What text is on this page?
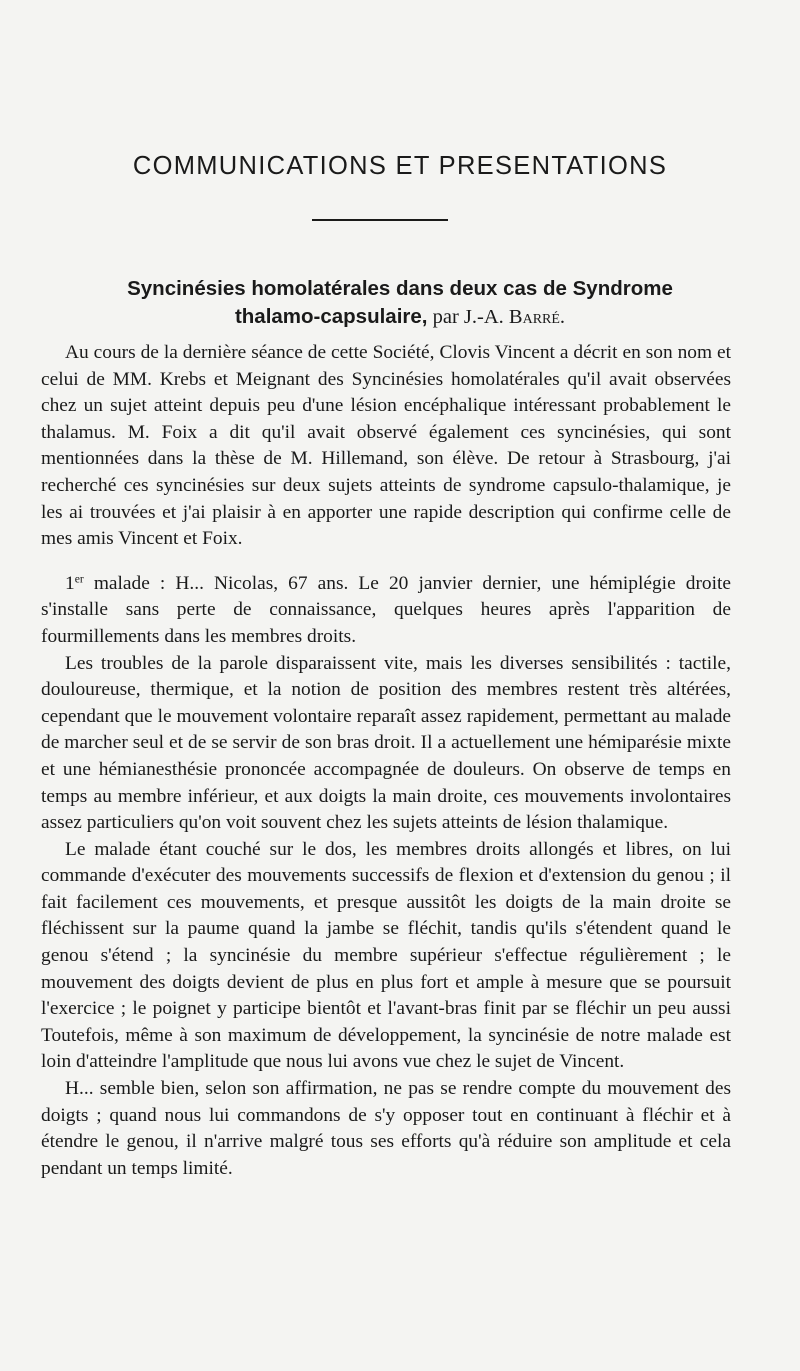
COMMUNICATIONS ET PRESENTATIONS
Syncinésies homolatérales dans deux cas de Syndrome
thalamo-capsulaire, par J.-A. Barré.

Au cours de la dernière séance de cette Société, Clovis Vincent a décrit en son nom et celui de MM. Krebs et Meignant des Syncinésies homolatérales qu'il avait observées chez un sujet atteint depuis peu d'une lésion encéphalique intéressant probablement le thalamus. M. Foix a dit qu'il avait observé également ces syncinésies, qui sont mentionnées dans la thèse de M. Hillemand, son élève. De retour à Strasbourg, j'ai recherché ces syncinésies sur deux sujets atteints de syndrome capsulo-thalamique, je les ai trouvées et j'ai plaisir à en apporter une rapide description qui confirme celle de mes amis Vincent et Foix.

1er malade : H... Nicolas, 67 ans. Le 20 janvier dernier, une hémiplégie droite s'installe sans perte de connaissance, quelques heures après l'apparition de fourmillements dans les membres droits.

Les troubles de la parole disparaissent vite, mais les diverses sensibilités : tactile, douloureuse, thermique, et la notion de position des membres restent très altérées, cependant que le mouvement volontaire reparaît assez rapidement, permettant au malade de marcher seul et de se servir de son bras droit. Il a actuellement une hémiparésie mixte et une hémianesthésie prononcée accompagnée de douleurs. On observe de temps en temps au membre inférieur, et aux doigts la main droite, ces mouvements involontaires assez particuliers qu'on voit souvent chez les sujets atteints de lésion thalamique.

Le malade étant couché sur le dos, les membres droits allongés et libres, on lui commande d'exécuter des mouvements successifs de flexion et d'extension du genou ; il fait facilement ces mouvements, et presque aussitôt les doigts de la main droite se fléchissent sur la paume quand la jambe se fléchit, tandis qu'ils s'étendent quand le genou s'étend ; la syncinésie du membre supérieur s'effectue régulièrement ; le mouvement des doigts devient de plus en plus fort et ample à mesure que se poursuit l'exercice ; le poignet y participe bientôt et l'avant-bras finit par se fléchir un peu aussi Toutefois, même à son maximum de développement, la syncinésie de notre malade est loin d'atteindre l'amplitude que nous lui avons vue chez le sujet de Vincent.

H... semble bien, selon son affirmation, ne pas se rendre compte du mouvement des doigts ; quand nous lui commandons de s'y opposer tout en continuant à fléchir et à étendre le genou, il n'arrive malgré tous ses efforts qu'à réduire son amplitude et cela pendant un temps limité.
